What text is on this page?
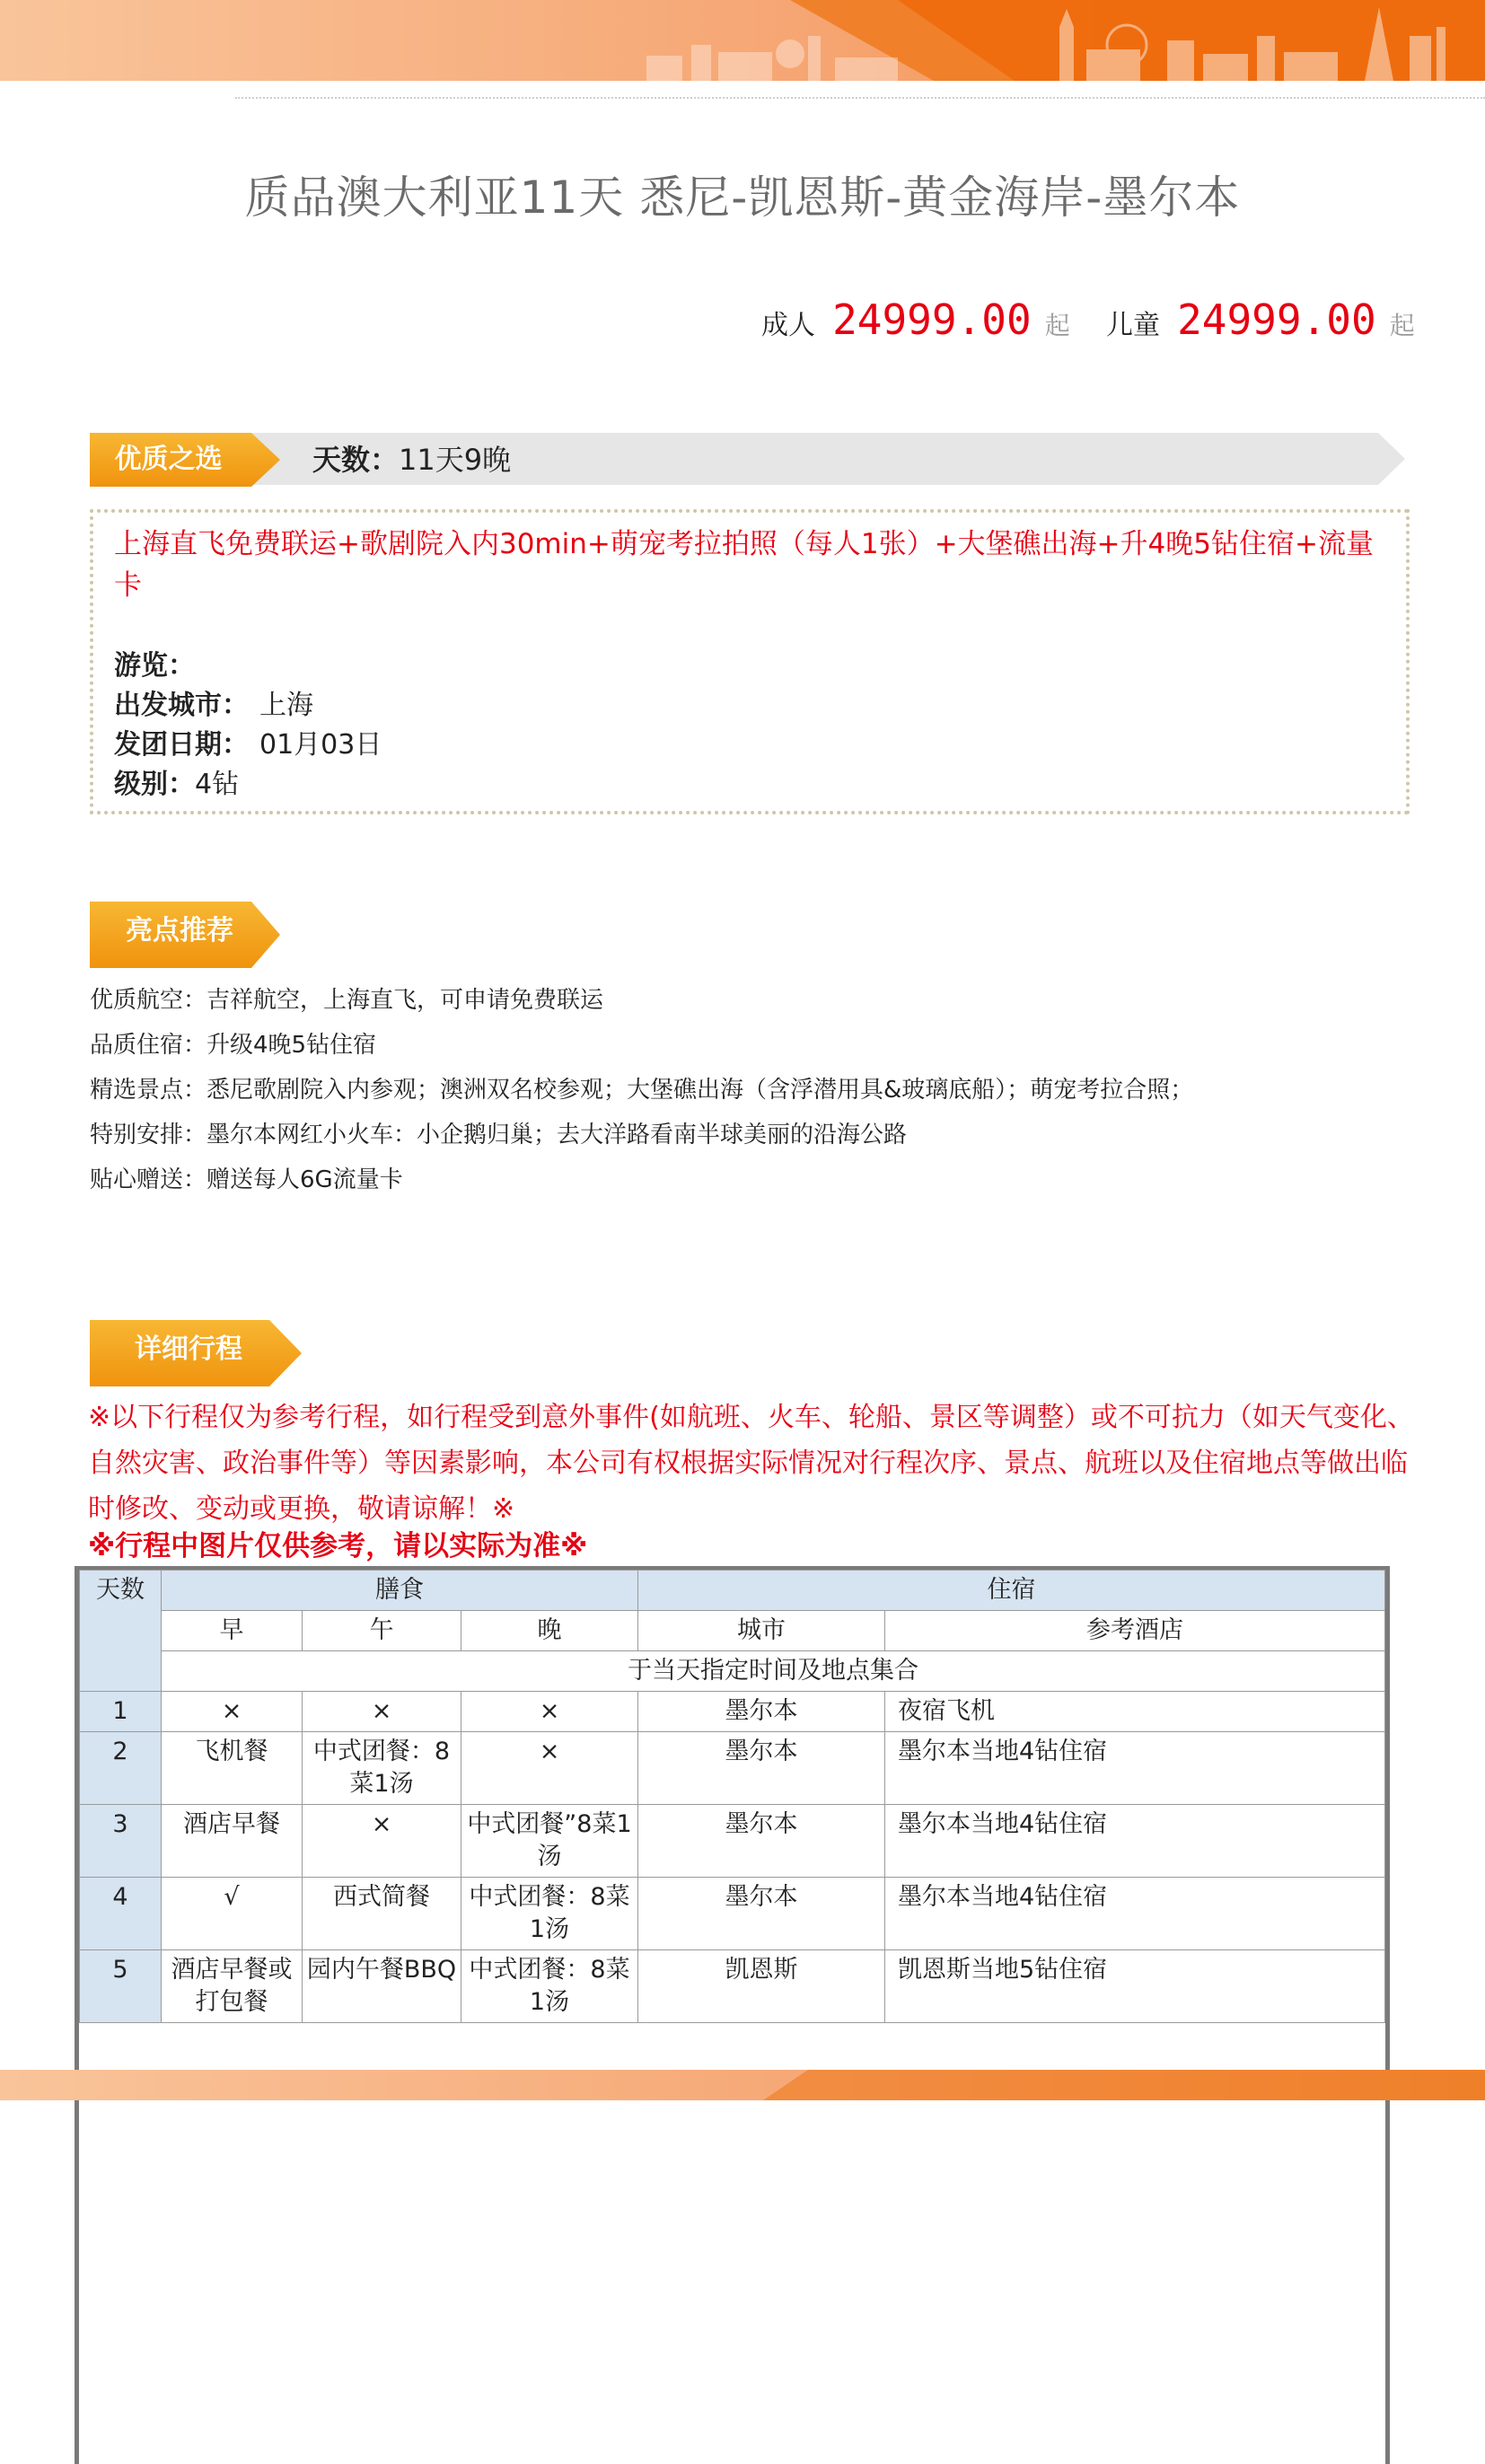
质品澳大利亚11天 悉尼-凯恩斯-黄金海岸-墨尔本
成人 24999.00 起 儿童 24999.00 起
优质之选	天数：11天9晚
上海直飞免费联运+歌剧院入内30min+萌宠考拉拍照（每人1张）+大堡礁出海+升4晚5钻住宿+流量卡
游览：
出发城市： 上海
发团日期： 01月03日
级别：4钻
亮点推荐
优质航空：吉祥航空，上海直飞，可申请免费联运
品质住宿：升级4晚5钻住宿
精选景点：悉尼歌剧院入内参观；澳洲双名校参观；大堡礁出海（含浮潜用具&玻璃底船）；萌宠考拉合照；
特别安排：墨尔本网红小火车：小企鹅归巢；去大洋路看南半球美丽的沿海公路
贴心赠送：赠送每人6G流量卡
详细行程
※以下行程仅为参考行程，如行程受到意外事件(如航班、火车、轮船、景区等调整）或不可抗力（如天气变化、自然灾害、政治事件等）等因素影响，本公司有权根据实际情况对行程次序、景点、航班以及住宿地点等做出临时修改、变动或更换，敬请谅解！※
※行程中图片仅供参考，请以实际为准※
天数	膳食			住宿	
	早	午	晚	城市	参考酒店
	于当天指定时间及地点集合				
1	×	×	×	墨尔本	夜宿飞机
2	飞机餐	中式团餐：8菜1汤	×	墨尔本	墨尔本当地4钻住宿
3	酒店早餐	×	中式团餐”8菜1汤	墨尔本	墨尔本当地4钻住宿
4	√	西式简餐	中式团餐：8菜1汤	墨尔本	墨尔本当地4钻住宿
5	酒店早餐或打包餐	园内午餐BBQ	中式团餐：8菜1汤	凯恩斯	凯恩斯当地5钻住宿
